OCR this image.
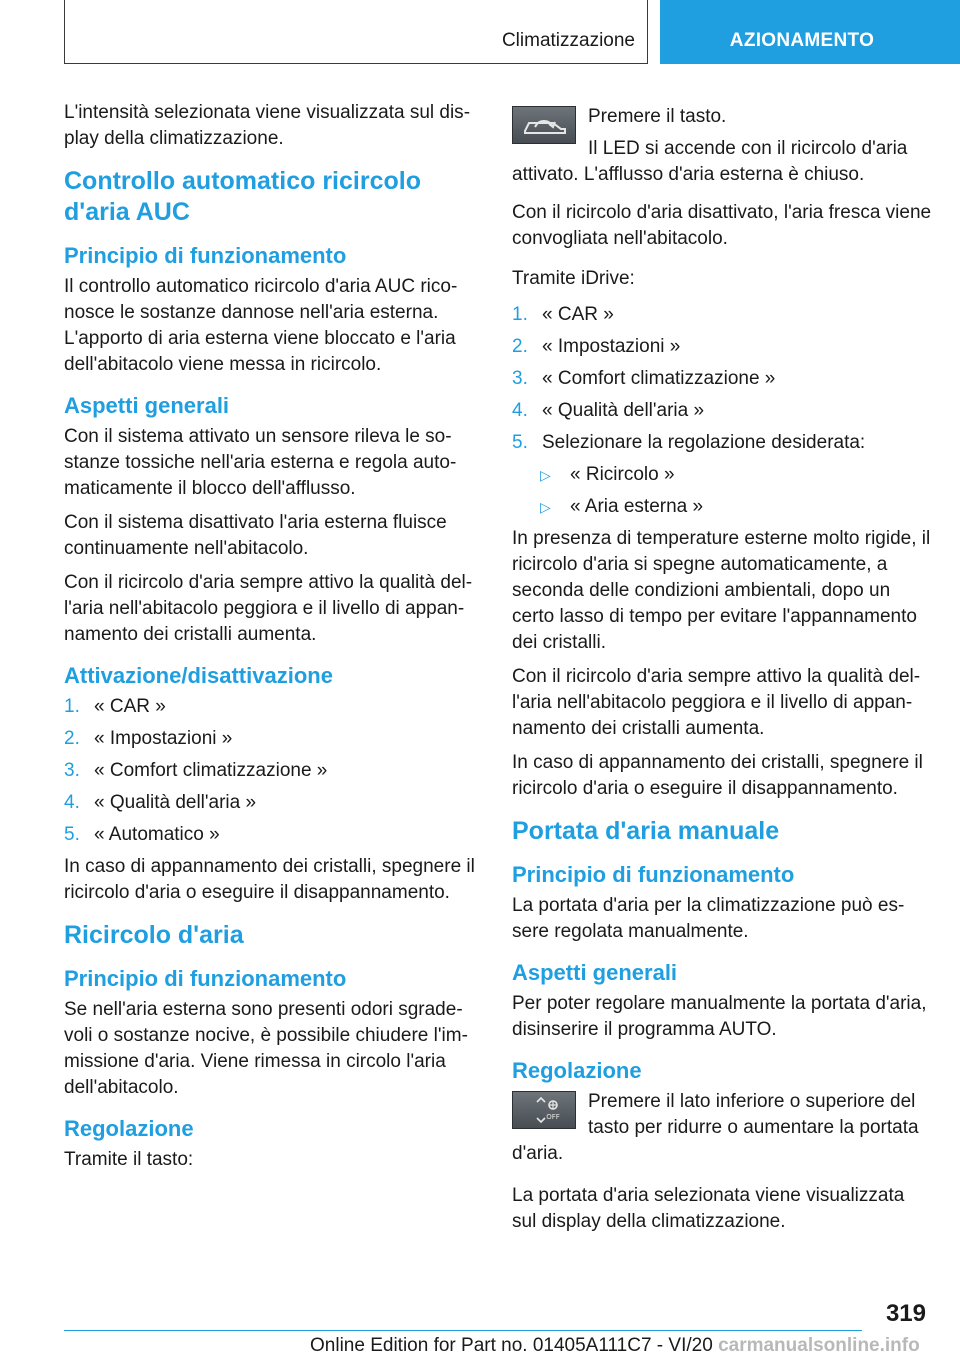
Climatizzazione	AZIONAMENTO

L'intensità selezionata viene visualizzata sul display della climatizzazione.

Controllo automatico ricircolo d'aria AUC
Principio di funzionamento

Il controllo automatico ricircolo d'aria AUC riconosce le sostanze dannose nell'aria esterna. L'apporto di aria esterna viene bloccato e l'aria dell'abitacolo viene messa in ricircolo.

Aspetti generali

Con il sistema attivato un sensore rileva le sostanze tossiche nell'aria esterna e regola automaticamente il blocco dell'afflusso.

Con il sistema disattivato l'aria esterna fluisce continuamente nell'abitacolo.

Con il ricircolo d'aria sempre attivo la qualità dell'aria nell'abitacolo peggiora e il livello di appannamento dei cristalli aumenta.

Attivazione/disattivazione
1. « CAR »
2. « Impostazioni »
3. « Comfort climatizzazione »
4. « Qualità dell'aria »
5. « Automatico »

In caso di appannamento dei cristalli, spegnere il ricircolo d'aria o eseguire il disappannamento.

Ricircolo d'aria
Principio di funzionamento

Se nell'aria esterna sono presenti odori sgradevoli o sostanze nocive, è possibile chiudere l'immissione d'aria. Viene rimessa in circolo l'aria dell'abitacolo.

Regolazione

Tramite il tasto:

Premere il tasto.

Il LED si accende con il ricircolo d'aria attivato. L'afflusso d'aria esterna è chiuso.

Con il ricircolo d'aria disattivato, l'aria fresca viene convogliata nell'abitacolo.

Tramite iDrive:

1. « CAR »
2. « Impostazioni »
3. « Comfort climatizzazione »
4. « Qualità dell'aria »
5. Selezionare la regolazione desiderata:
▷	« Ricircolo »
▷	« Aria esterna »

In presenza di temperature esterne molto rigide, il ricircolo d'aria si spegne automaticamente, a seconda delle condizioni ambientali, dopo un certo lasso di tempo per evitare l'appannamento dei cristalli.

Con il ricircolo d'aria sempre attivo la qualità dell'aria nell'abitacolo peggiora e il livello di appannamento dei cristalli aumenta.

In caso di appannamento dei cristalli, spegnere il ricircolo d'aria o eseguire il disappannamento.

Portata d'aria manuale
Principio di funzionamento

La portata d'aria per la climatizzazione può essere regolata manualmente.

Aspetti generali

Per poter regolare manualmente la portata d'aria, disinserire il programma AUTO.

Regolazione
OFF

Premere il lato inferiore o superiore del tasto per ridurre o aumentare la portata d'aria.

La portata d'aria selezionata viene visualizzata sul display della climatizzazione.

319
Online Edition for Part no. 01405A111C7 - VI/20 carmanualsonline.info
